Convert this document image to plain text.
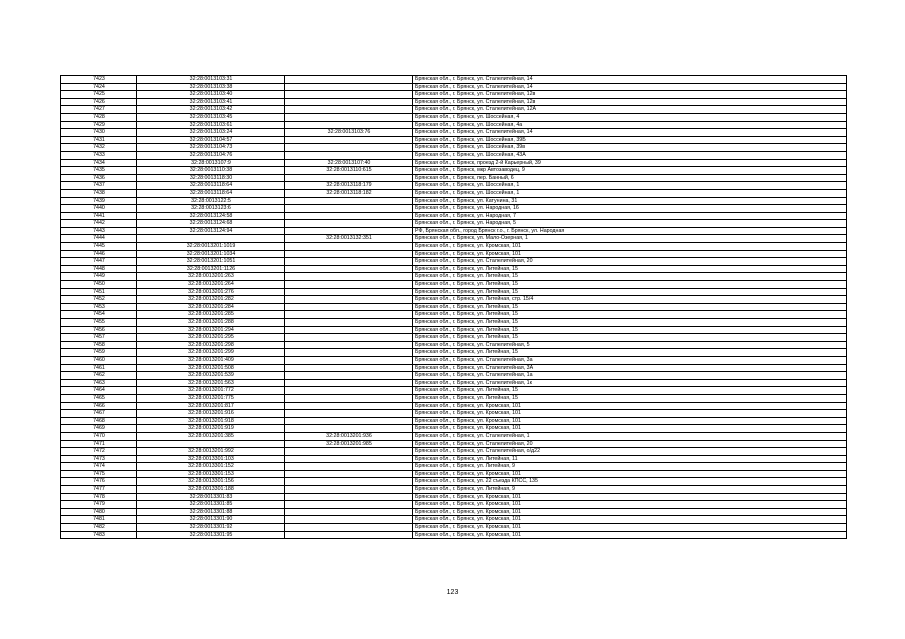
7423	32:28:0013103:31		Брянская обл., г. Брянск, ул. Сталелитейная, 14
7424	32:28:0013103:38		Брянская обл., г. Брянск, ул. Сталелитейная, 14
7425	32:28:0013103:40		Брянская обл., г. Брянск, ул. Сталелитейная, 12в
7426	32:28:0013103:41		Брянская обл., г. Брянск, ул. Сталелитейная, 12в
7427	32:28:0013103:42		Брянская обл., г. Брянск, ул. Сталелитейная, 12А
7428	32:28:0013103:45		Брянская обл., г. Брянск, ул. Шоссейная, 4
7429	32:28:0013103:61		Брянская обл., г. Брянск, ул. Шоссейная, 4а
7430	32:28:0013103:24	32:28:0013103:76	Брянская обл., г. Брянск, ул. Сталелитейная, 14
7431	32:28:0013104:57		Брянская обл., г. Брянск, ул. Шоссейная, 39Б
7432	32:28:0013104:73		Брянская обл., г. Брянск, ул. Шоссейная, 39в
7433	32:28:0013104:76		Брянская обл., г. Брянск, ул. Шоссейная, 43А
7434	32:28:0013107:9	32:28:0013107:40	Брянская обл., г. Брянск, проезд 2-й Карьерный, 39
7435	32:28:0013110:38	32:28:0013110:615	Брянская обл., г. Брянск, мкр Автозаводец, 9
7436	32:28:0013118:30		Брянская обл., г. Брянск, пер. Банный, 6
7437	32:28:0013118:64	32:28:0013118:179	Брянская обл., г. Брянск, ул. Шоссейная, 1
7438	32:28:0013118:64	32:28:0013118:182	Брянская обл., г. Брянск, ул. Шоссейная, 1
7439	32:28:0013122:5		Брянская обл., г. Брянск, ул. Катунина, 31
7440	32:28:0013123:6		Брянская обл., г. Брянск, ул. Народная, 16
7441	32:28:0013124:58		Брянская обл., г. Брянск, ул. Народная, 7
7442	32:28:0013124:68		Брянская обл., г. Брянск, ул. Народная, 5
7443	32:28:0013124:94		РФ, Брянская обл., город Брянск г.о., г. Брянск, ул. Народная
7444		32:28:0013132:351	Брянская обл., г. Брянск, ул. Мало-Озерная, 1
7445	32:28:0013201:1019		Брянская обл., г. Брянск, ул. Кромская, 101
7446	32:28:0013201:1034		Брянская обл., г. Брянск, ул. Кромская, 101
7447	32:28:0013201:1051		Брянская обл., г. Брянск, ул. Сталелитейная, 20
7448	32:28:0013201:1126		Брянская обл., г. Брянск, ул. Литейная, 15
7449	32:28:0013201:263		Брянская обл., г. Брянск, ул. Литейная, 15
7450	32:28:0013201:264		Брянская обл., г. Брянск, ул. Литейная, 15
7451	32:28:0013201:276		Брянская обл., г. Брянск, ул. Литейная, 15
7452	32:28:0013201:282		Брянская обл., г. Брянск, ул. Литейная, стр. 15/4
7453	32:28:0013201:284		Брянская обл., г. Брянск, ул. Литейная, 15
7454	32:28:0013201:285		Брянская обл., г. Брянск, ул. Литейная, 15
7455	32:28:0013201:288		Брянская обл., г. Брянск, ул. Литейная, 15
7456	32:28:0013201:294		Брянская обл., г. Брянск, ул. Литейная, 15
7457	32:28:0013201:295		Брянская обл., г. Брянск, ул. Литейная, 15
7458	32:28:0013201:298		Брянская обл., г. Брянск, ул. Сталелитейная, 5
7459	32:28:0013201:299		Брянская обл., г. Брянск, ул. Литейная, 15
7460	32:28:0013201:409		Брянская обл., г. Брянск, ул. Сталелитейная, 3а
7461	32:28:0013201:508		Брянская обл., г. Брянск, ул. Сталелитейная, 3А
7462	32:28:0013201:539		Брянская обл., г. Брянск, ул. Сталелитейная, 1а
7463	32:28:0013201:563		Брянская обл., г. Брянск, ул. Сталелитейная, 1к
7464	32:28:0013201:772		Брянская обл., г. Брянск, ул. Литейная, 15
7465	32:28:0013201:775		Брянская обл., г. Брянск, ул. Литейная, 15
7466	32:28:0013201:817		Брянская обл., г. Брянск, ул. Кромская, 101
7467	32:28:0013201:916		Брянская обл., г. Брянск, ул. Кромская, 101
7468	32:28:0013201:918		Брянская обл., г. Брянск, ул. Кромская, 101
7469	32:28:0013201:919		Брянская обл., г. Брянск, ул. Кромская, 101
7470	32:28:0013201:385	32:28:0013201:936	Брянская обл., г. Брянск, ул. Сталелитейная, 1
7471		32:28:0013201:985	Брянская обл., г. Брянск, ул. Сталелитейная, 20
7472	32:28:0013201:992		Брянская обл., г. Брянск, ул. Сталелитейная, о/д22
7473	32:28:0013301:103		Брянская обл., г. Брянск, ул. Литейная, 11
7474	32:28:0013301:152		Брянская обл., г. Брянск, ул. Литейная, 9
7475	32:28:0013301:153		Брянская обл., г. Брянск, ул. Кромская, 101
7476	32:28:0013301:156		Брянская обл., г. Брянск, ул. 22 съезда КПСС, 135
7477	32:28:0013301:188		Брянская обл., г. Брянск, ул. Литейная, 9
7478	32:28:0013301:83		Брянская обл., г. Брянск, ул. Кромская, 101
7479	32:28:0013301:85		Брянская обл., г. Брянск, ул. Кромская, 101
7480	32:28:0013301:88		Брянская обл., г. Брянск, ул. Кромская, 101
7481	32:28:0013301:90		Брянская обл., г. Брянск, ул. Кромская, 101
7482	32:28:0013301:92		Брянская обл., г. Брянск, ул. Кромская, 101
7483	32:28:0013301:95		Брянская обл., г. Брянск, ул. Кромская, 101
123
